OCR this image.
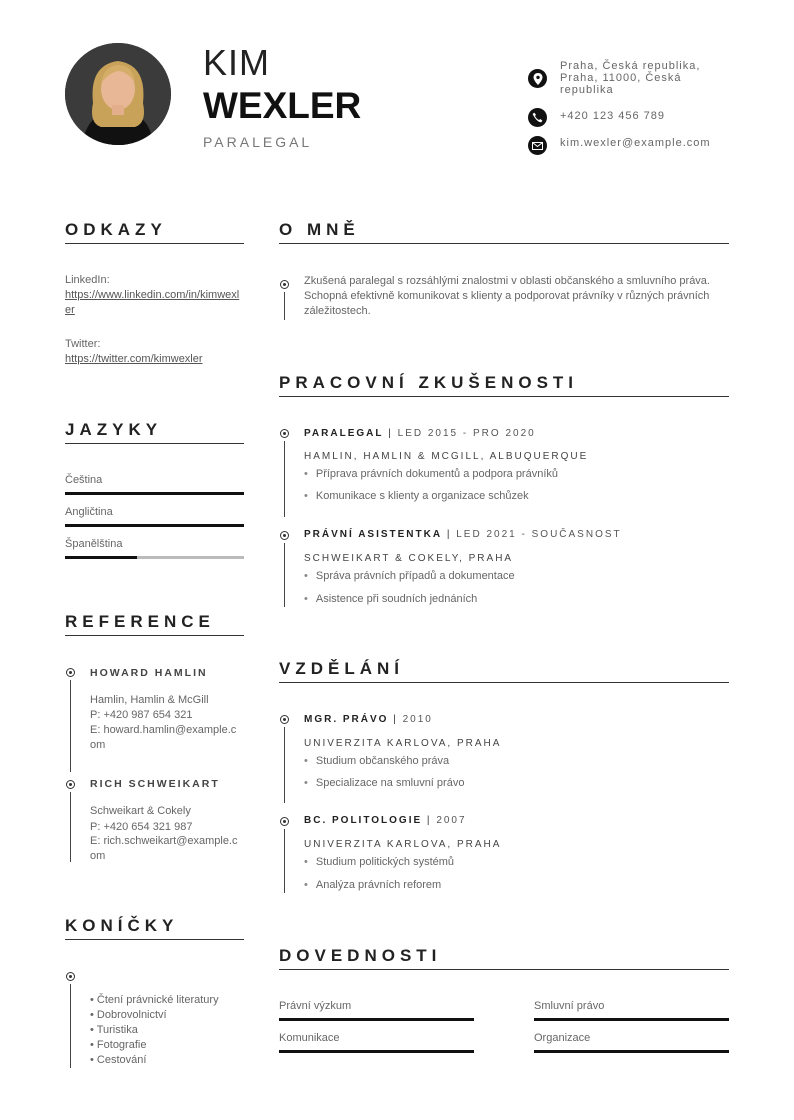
KIM
WEXLER
PARALEGAL
Praha, Česká republika, Praha, 11000, Česká republika
+420 123 456 789
kim.wexler@example.com
ODKAZY
LinkedIn:
https://www.linkedin.com/in/kimwexler
Twitter:
https://twitter.com/kimwexler
JAZYKY
Čeština
Angličtina
Španělština
REFERENCE
HOWARD HAMLIN
Hamlin, Hamlin & McGill
P: +420 987 654 321
E: howard.hamlin@example.com
RICH SCHWEIKART
Schweikart & Cokely
P: +420 654 321 987
E: rich.schweikart@example.com
KONÍČKY
• Čtení právnické literatury
• Dobrovolnictví
• Turistika
• Fotografie
• Cestování
O MNĚ
Zkušená paralegal s rozsáhlými znalostmi v oblasti občanského a smluvního práva. Schopná efektivně komunikovat s klienty a podporovat právníky v různých právních záležitostech.
PRACOVNÍ ZKUŠENOSTI
PARALEGAL | LED 2015 - PRO 2020
HAMLIN, HAMLIN & MCGILL, ALBUQUERQUE
• Příprava právních dokumentů a podpora právníků
• Komunikace s klienty a organizace schůzek
PRÁVNÍ ASISTENTKA | LED 2021 - SOUČASNOST
SCHWEIKART & COKELY, PRAHA
• Správa právních případů a dokumentace
• Asistence při soudních jednáních
VZDĚLÁNÍ
MGR. PRÁVO | 2010
UNIVERZITA KARLOVA, PRAHA
• Studium občanského práva
• Specializace na smluvní právo
BC. POLITOLOGIE | 2007
UNIVERZITA KARLOVA, PRAHA
• Studium politických systémů
• Analýza právních reforem
DOVEDNOSTI
Právní výzkum	Smluvní právo
Komunikace	Organizace
